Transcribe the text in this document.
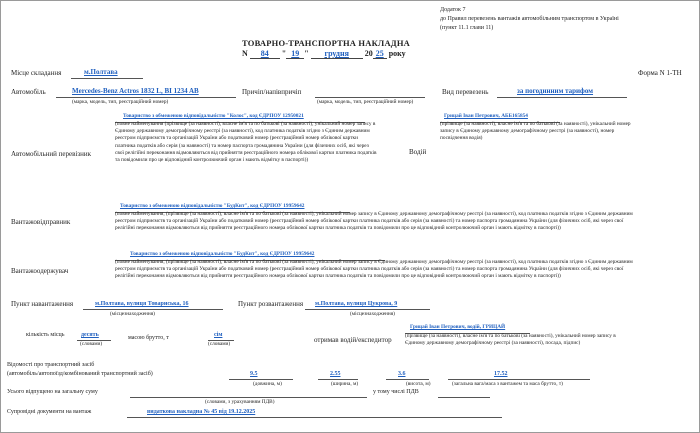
Додаток 7
до Правил перевезень вантажів автомобільним транспортом в Україні
(пункт 11.1 глави 11)
ТОВАРНО-ТРАНСПОРТНА НАКЛАДНА
N 84 " 19 " грудня 20 25 року
Місце складання	м.Полтава	Форма N 1-ТН
Автомобіль	Mercedes-Benz Actros 1832 L, BI 1234 AB
(марка, модель, тип, реєстраційний номер)
Причіп/напівпричіп
(марка, модель, тип, реєстраційний номер)
Вид перевезень	за погодинним тарифом
Автомобільний перевізник
Товариство з обмеженою відповідальністю "Колос", код ЄДРПОУ 12950021
(повне найменування (прізвище (за наявності), власне ім'я та по батькові (за наявності), унікальний номер запису в Єдиному державному демографічному реєстрі (за наявності), код платника податків згідно з Єдиним державним реєстром підприємств та організацій України або податковий номер (реєстраційний номер облікової картки платника податків або серія (за наявності) та номер паспорта громадянина України (для фізичних осіб, які через свої релігійні переконання відмовляються від прийняття реєстраційного номера облікової картки платника податків та повідомили про це відповідний контролюючий орган і мають відмітку в паспорті))
Водій
Грицай Іван Петрович, АББ165854
(прізвище (за наявності), власне ім'я та по батькові (за наявності), унікальний номер запису в Єдиному державному демографічному реєстрі (за наявності), номер посвідчення водія)
Вантажовідправник
Товариство з обмеженою відповідальністю "БудКит", код ЄДРПОУ 19959642
(повне найменування, (прізвище (за наявності), власне ім'я та по батькові (за наявності), унікальний номер запису в Єдиному державному демографічному реєстрі (за наявності), код платника податків згідно з Єдиним державним реєстром підприємств та організацій України або податковий номер (реєстраційний номер облікової картки платника податків або серія (за наявності) та номер паспорта громадянина України (для фізичних осіб, які через свої релігійні переконання відмовляються від прийняття реєстраційного номера облікової картки платника податків та повідомили про це відповідний контролюючий орган і мають відмітку в паспорті))
Вантажоодержувач
Товариство з обмеженою відповідальністю "БудКит", код ЄДРПОУ 19959642
(повне найменування, (прізвище (за наявності), власне ім'я та по батькові (за наявності), унікальний номер запису в Єдиному державному демографічному реєстрі (за наявності), код платника податків згідно з Єдиним державним реєстром підприємств та організацій України або податковий номер (реєстраційний номер облікової картки платника податків або серія (за наявності) та номер паспорта громадянина України (для фізичних осіб, які через свої релігійні переконання відмовляються від прийняття реєстраційного номера облікової картки платника податків та повідомили про це відповідний контролюючий орган і мають відмітку в паспорті))
Пункт навантаження	м.Полтава, вулиця Товариська, 16
(місцезнаходження)
Пункт розвантаження м.Полтава, вулиця Цукрова, 9
(місцезнаходження)
кількість місць	десять
(словами)
масою брутто, т	сім
(словами)	отримав водій/експедитор
Грицай Іван Петрович, водій, ГРИЦАЙ
(прізвище (за наявності), власне ім'я та по батькові (за наявності), унікальний номер запису в Єдиному державному демографічному реєстрі (за наявності), посада, підпис)
Відомості про транспортний засіб
(автомобіль/автопоїзд/комбінований транспортний засіб)	9.5
(довжина, м)
2.55
(ширина, м)
3.6
(висота, м)
17.52
(загальна вага/маса з вантажем та маса брутто, т)
Усього відпущено на загальну суму
(словами, з урахуванням ПДВ)
у тому числі ПДВ
Супровідні документи на вантаж	видаткова накладна № 45 від 19.12.2025
